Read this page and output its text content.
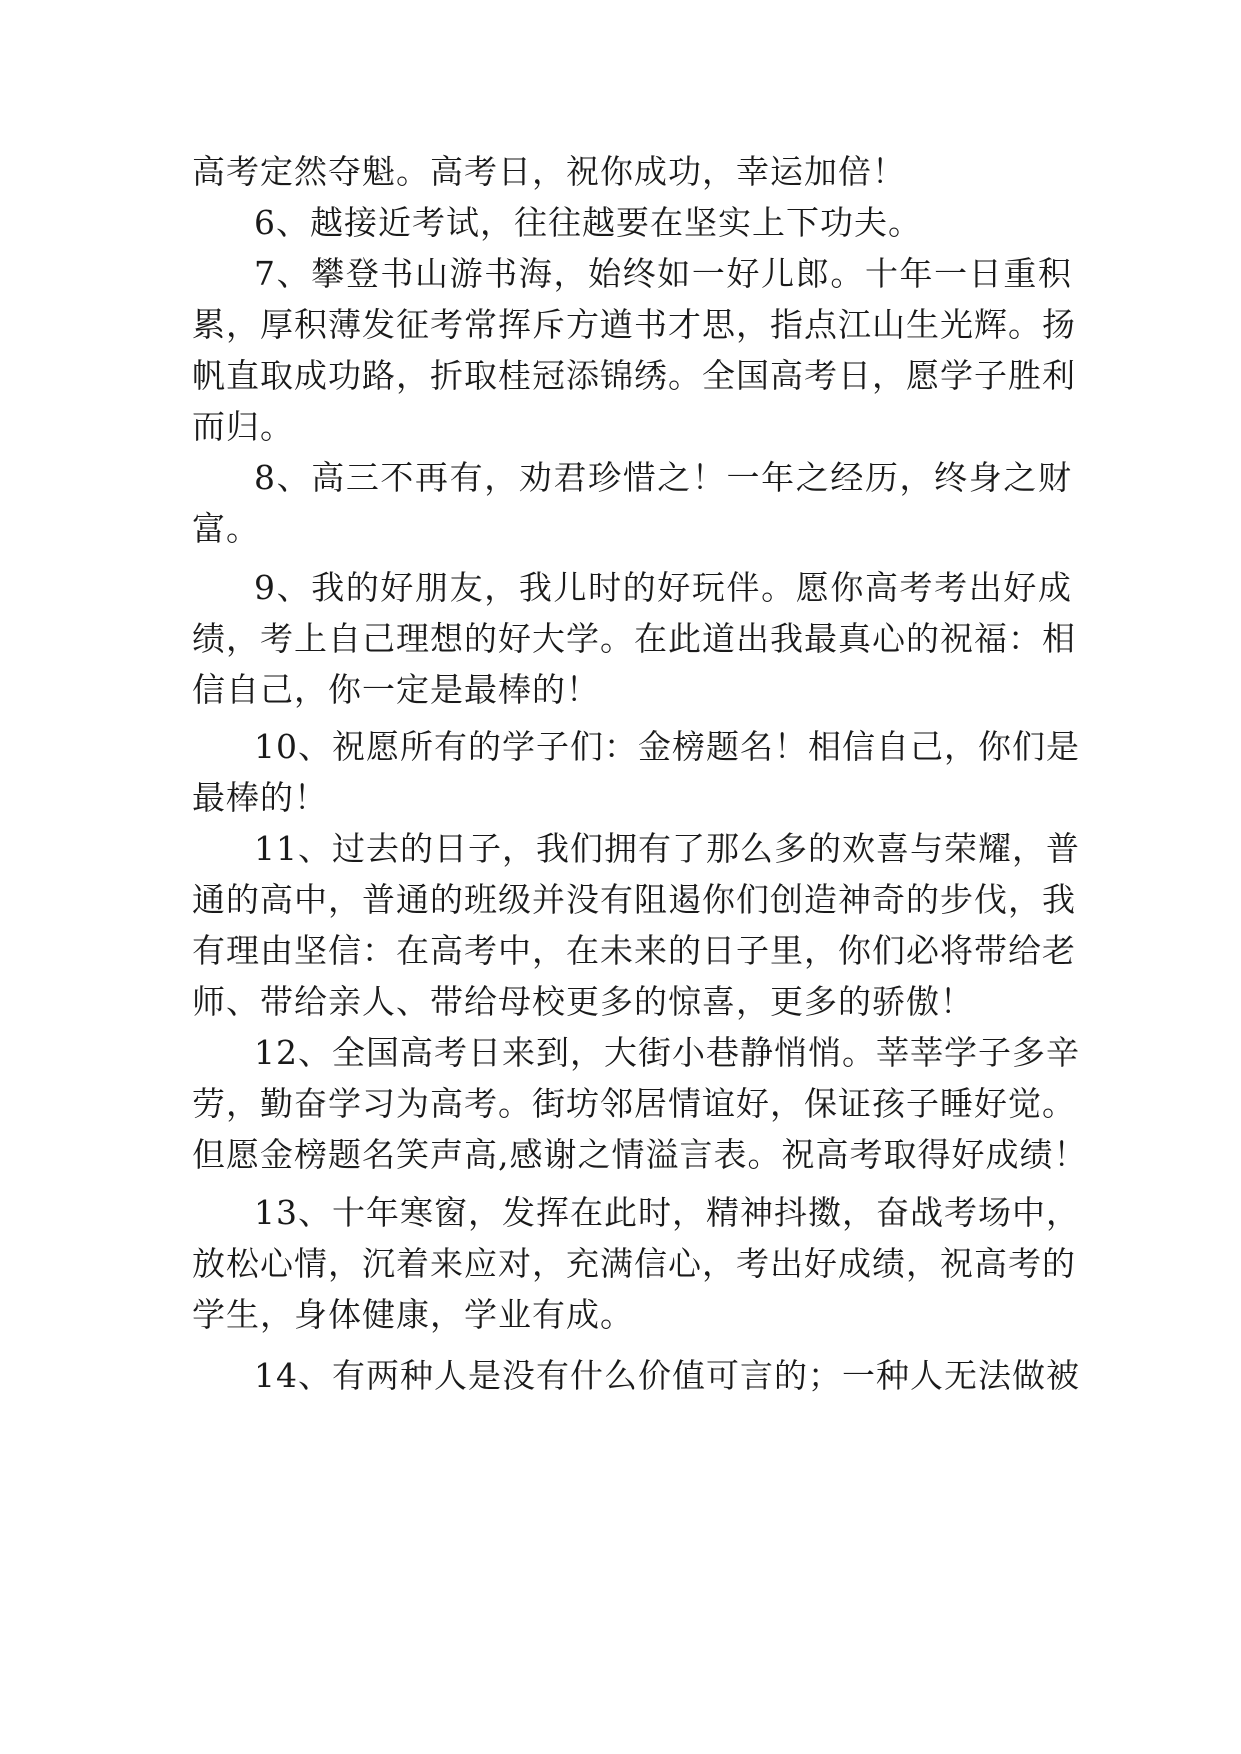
高考定然夺魁。高考日，祝你成功，幸运加倍！
6、越接近考试，往往越要在坚实上下功夫。
7、攀登书山游书海，始终如一好儿郎。十年一日重积
累，厚积薄发征考常挥斥方遒书才思，指点江山生光辉。扬
帆直取成功路，折取桂冠添锦绣。全国高考日，愿学子胜利
而归。
8、高三不再有，劝君珍惜之！一年之经历，终身之财
富。
9、我的好朋友，我儿时的好玩伴。愿你高考考出好成
绩，考上自己理想的好大学。在此道出我最真心的祝福：相
信自己，你一定是最棒的！
10、祝愿所有的学子们：金榜题名！相信自己，你们是
最棒的！
11、过去的日子，我们拥有了那么多的欢喜与荣耀，普
通的高中，普通的班级并没有阻遏你们创造神奇的步伐，我
有理由坚信：在高考中，在未来的日子里，你们必将带给老
师、带给亲人、带给母校更多的惊喜，更多的骄傲！
12、全国高考日来到，大街小巷静悄悄。莘莘学子多辛
劳，勤奋学习为高考。街坊邻居情谊好，保证孩子睡好觉。
但愿金榜题名笑声高,感谢之情溢言表。祝高考取得好成绩！
13、十年寒窗，发挥在此时，精神抖擞，奋战考场中，
放松心情，沉着来应对，充满信心，考出好成绩，祝高考的
学生，身体健康，学业有成。
14、有两种人是没有什么价值可言的；一种人无法做被
